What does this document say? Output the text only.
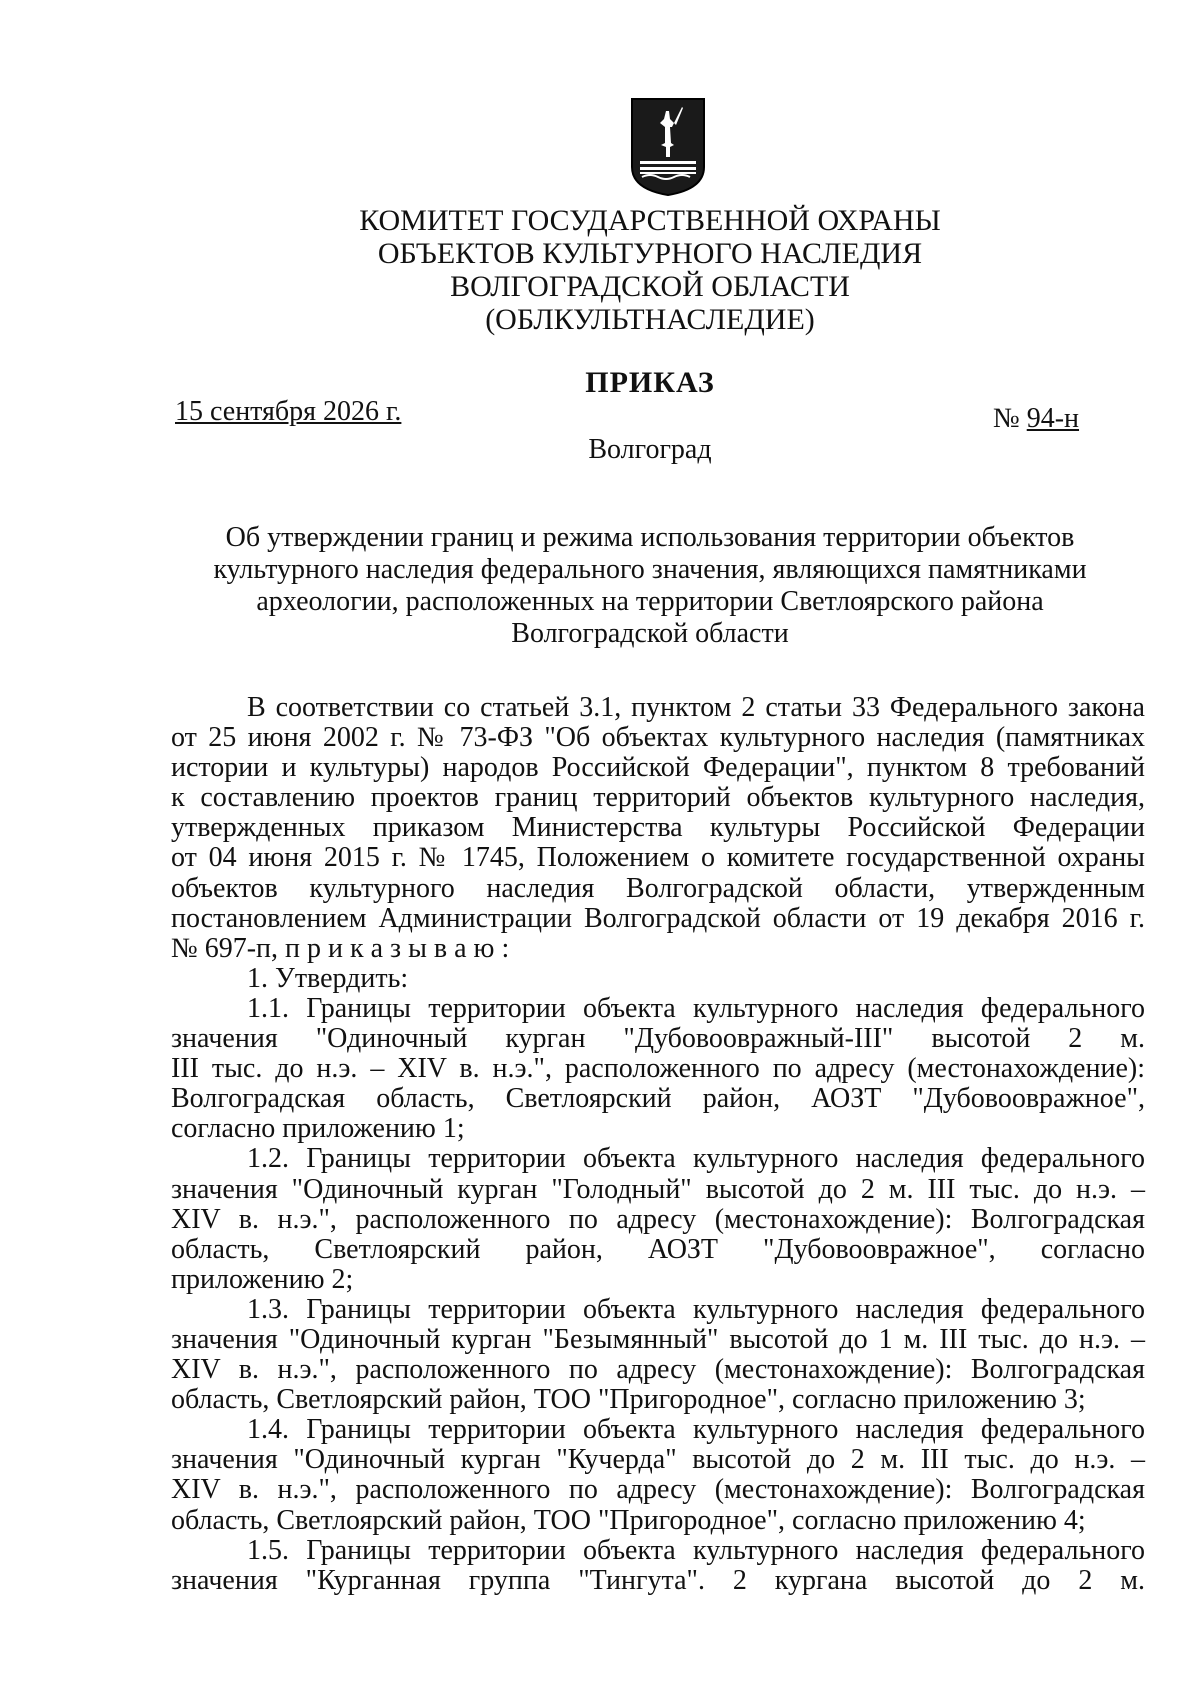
КОМИТЕТ ГОСУДАРСТВЕННОЙ ОХРАНЫ
ОБЪЕКТОВ КУЛЬТУРНОГО НАСЛЕДИЯ
ВОЛГОГРАДСКОЙ ОБЛАСТИ
(ОБЛКУЛЬТНАСЛЕДИЕ)
ПРИКАЗ
15 сентября 2026 г.	№ 94-н
Волгоград
Об утверждении границ и режима использования территории объектов
культурного наследия федерального значения, являющихся памятниками
археологии, расположенных на территории Светлоярского района
Волгоградской области
В соответствии со статьей 3.1, пунктом 2 статьи 33 Федерального закона
от 25 июня 2002 г. № 73-ФЗ "Об объектах культурного наследия (памятниках
истории и культуры) народов Российской Федерации", пунктом 8 требований
к составлению проектов границ территорий объектов культурного наследия,
утвержденных приказом Министерства культуры Российской Федерации
от 04 июня 2015 г. № 1745, Положением о комитете государственной охраны
объектов культурного наследия Волгоградской области, утвержденным
постановлением Администрации Волгоградской области от 19 декабря 2016 г.
№ 697-п, п р и к а з ы в а ю :
1. Утвердить:
1.1. Границы территории объекта культурного наследия федерального
значения "Одиночный курган "Дубовоовражный-III" высотой 2 м.
III тыс. до н.э. – XIV в. н.э.", расположенного по адресу (местонахождение):
Волгоградская область, Светлоярский район, АОЗТ "Дубовоовражное",
согласно приложению 1;
1.2. Границы территории объекта культурного наследия федерального
значения "Одиночный курган "Голодный" высотой до 2 м. III тыс. до н.э. –
XIV в. н.э.", расположенного по адресу (местонахождение): Волгоградская
область, Светлоярский район, АОЗТ "Дубовоовражное", согласно
приложению 2;
1.3. Границы территории объекта культурного наследия федерального
значения "Одиночный курган "Безымянный" высотой до 1 м. III тыс. до н.э. –
XIV в. н.э.", расположенного по адресу (местонахождение): Волгоградская
область, Светлоярский район, ТОО "Пригородное", согласно приложению 3;
1.4. Границы территории объекта культурного наследия федерального
значения "Одиночный курган "Кучерда" высотой до 2 м. III тыс. до н.э. –
XIV в. н.э.", расположенного по адресу (местонахождение): Волгоградская
область, Светлоярский район, ТОО "Пригородное", согласно приложению 4;
1.5. Границы территории объекта культурного наследия федерального
значения "Курганная группа "Тингута". 2 кургана высотой до 2 м.
